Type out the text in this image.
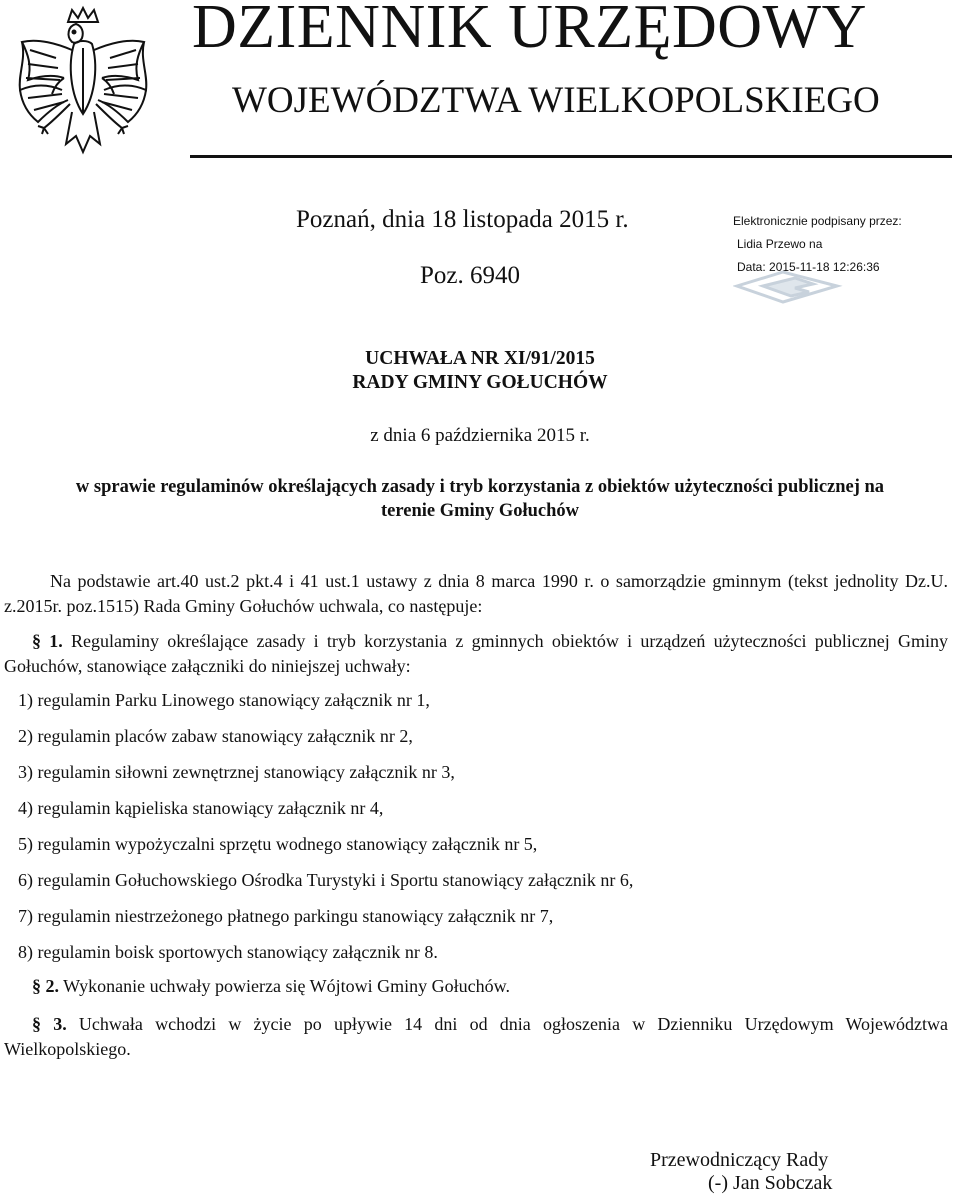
DZIENNIK URZĘDOWY
WOJEWÓDZTWA WIELKOPOLSKIEGO
Poznań, dnia 18 listopada 2015 r.
Poz. 6940
Elektronicznie podpisany przez:
Lidia Przewo na
Data: 2015-11-18 12:26:36
UCHWAŁA NR XI/91/2015
RADY GMINY GOŁUCHÓW
z dnia 6 października 2015 r.
w sprawie regulaminów określających zasady i tryb korzystania z obiektów użyteczności publicznej na
terenie Gminy Gołuchów
Na podstawie art.40 ust.2 pkt.4 i 41 ust.1 ustawy z dnia 8 marca 1990 r. o samorządzie gminnym (tekst jednolity Dz.U. z.2015r. poz.1515) Rada Gminy Gołuchów uchwala, co następuje:
§ 1. Regulaminy określające zasady i tryb korzystania z gminnych obiektów i urządzeń użyteczności publicznej Gminy Gołuchów, stanowiące załączniki do niniejszej uchwały:
1) regulamin Parku Linowego stanowiący załącznik nr 1,
2) regulamin placów zabaw stanowiący załącznik nr 2,
3) regulamin siłowni zewnętrznej stanowiący załącznik nr 3,
4) regulamin kąpieliska stanowiący załącznik nr 4,
5) regulamin wypożyczalni sprzętu wodnego stanowiący załącznik nr 5,
6) regulamin Gołuchowskiego Ośrodka Turystyki i Sportu stanowiący załącznik nr 6,
7) regulamin niestrzeżonego płatnego parkingu stanowiący załącznik nr 7,
8) regulamin boisk sportowych stanowiący załącznik nr 8.
§ 2. Wykonanie uchwały powierza się Wójtowi Gminy Gołuchów.
§ 3. Uchwała wchodzi w życie po upływie 14 dni od dnia ogłoszenia w Dzienniku Urzędowym Województwa Wielkopolskiego.
Przewodniczący Rady
(-) Jan Sobczak
